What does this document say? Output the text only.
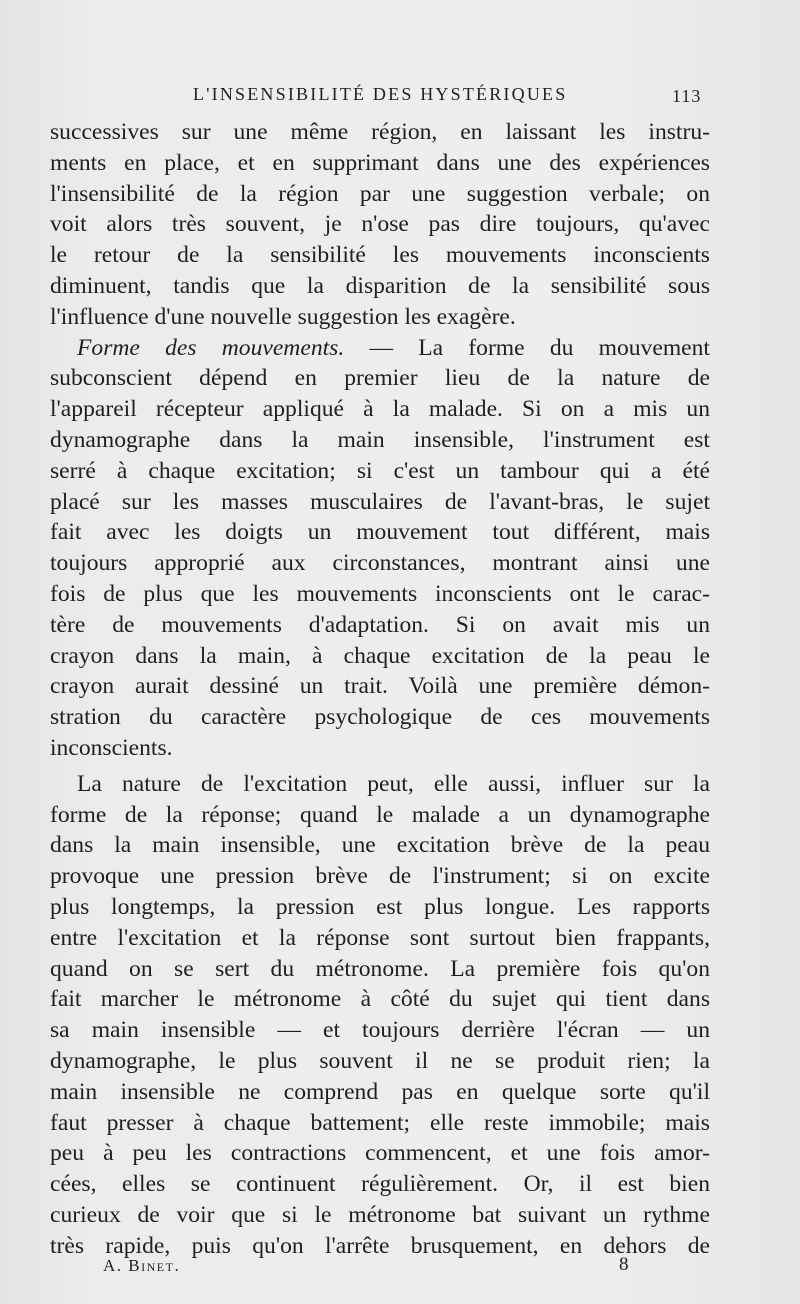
L'INSENSIBILITÉ DES HYSTÉRIQUES	113
successives sur une même région, en laissant les instru-
ments en place, et en supprimant dans une des expériences
l'insensibilité de la région par une suggestion verbale; on
voit alors très souvent, je n'ose pas dire toujours, qu'avec
le retour de la sensibilité les mouvements inconscients
diminuent, tandis que la disparition de la sensibilité sous
l'influence d'une nouvelle suggestion les exagère.
Forme des mouvements. — La forme du mouvement
subconscient dépend en premier lieu de la nature de
l'appareil récepteur appliqué à la malade. Si on a mis un
dynamographe dans la main insensible, l'instrument est
serré à chaque excitation; si c'est un tambour qui a été
placé sur les masses musculaires de l'avant-bras, le sujet
fait avec les doigts un mouvement tout différent, mais
toujours approprié aux circonstances, montrant ainsi une
fois de plus que les mouvements inconscients ont le carac-
tère de mouvements d'adaptation. Si on avait mis un
crayon dans la main, à chaque excitation de la peau le
crayon aurait dessiné un trait. Voilà une première démon-
stration du caractère psychologique de ces mouvements
inconscients.
La nature de l'excitation peut, elle aussi, influer sur la
forme de la réponse; quand le malade a un dynamographe
dans la main insensible, une excitation brève de la peau
provoque une pression brève de l'instrument; si on excite
plus longtemps, la pression est plus longue. Les rapports
entre l'excitation et la réponse sont surtout bien frappants,
quand on se sert du métronome. La première fois qu'on
fait marcher le métronome à côté du sujet qui tient dans
sa main insensible — et toujours derrière l'écran — un
dynamographe, le plus souvent il ne se produit rien; la
main insensible ne comprend pas en quelque sorte qu'il
faut presser à chaque battement; elle reste immobile; mais
peu à peu les contractions commencent, et une fois amor-
cées, elles se continuent régulièrement. Or, il est bien
curieux de voir que si le métronome bat suivant un rythme
très rapide, puis qu'on l'arrête brusquement, en dehors de
A. Binet.	8
